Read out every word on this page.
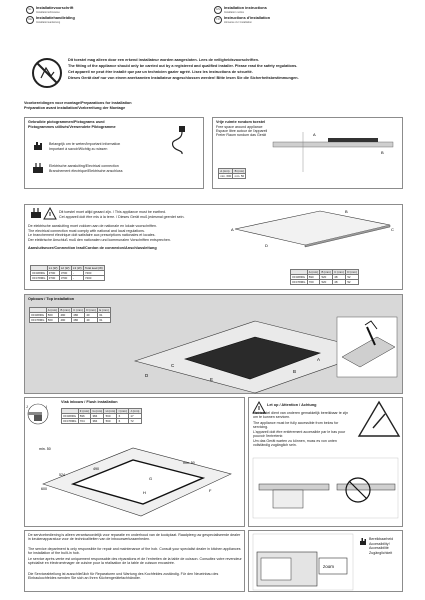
NL Installatievoorschrift
Installationshinweise
DE Installatiehandleiding
Installationsanleitung
EN Installation instructions
Installation notice
FR Instructions d'installation
Hinweise zur Installation
Dit toestel mag alleen door een erkend installateur worden aangesloten. Lees de veiligheidsvoorschriften.
The fitting of the appliance should only be carried out by a registered and qualified installer. Please read the safety regulations.
Cet appareil ne peut être installé que par un technicien gazier agréé. Lisez les instructions de sécurité.
Dieses Gerät darf nur von einem anerkannten Installateur angeschlossen werden! Bitte lesen Sie die Sicherheitsbestimmungen.
Voorbereidingen voor montage/Preparations for installation
Préparation avant installation/Vorbereitung der Montage
Gebruikte pictogrammen/Pictograms used
Pictogrammes utilisés/Verwendete Piktogramme
Belangrijk om te weten/Important information
Important à savoir/Wichtig zu wissen
Elektrische aansluiting/Electrical connection
Branchement électrique/Elektrische anschluss
Vrije ruimte rondom toestel
Free space around appliance
Espace libre autour de l'appareil
Freier Raum rundum das Gerät	A
B
A (mm)	B (mm)
min. 600	min. 50
Dit toestel moet altijd geaard zijn. / This appliance must be earthed.
Cet appareil doit être mis à la terre. / Dieses Gerät muß jedesmal geerdet sein.
De elektrische aansluiting moet voldoen aan de nationale en lokale voorschriften.
The electrical connection must comply with national and local regulations.
Le branchement électrique doit satisfaire aux prescriptions nationales et locales.
Der elektrische Anschluß muß den nationalen und kommunalen Vorschriften entsprechen.
Aansluitsnoer/Connection lead/Cordon de connexion/Anschlussleitung
	L1 (W)	L2 (W)	L3 (W)	Total lead (W)
KF468RG	3700	3700	-	7400
KF478MG	3700	3700	-	7400
A
B
C
D
	A (mm)	B (mm)	C (mm)	D (mm)
KF468RG	590	520	48	52
KF478MG	700	520	48	52
Opbouw / Top installation
	A (mm)	B (mm)	C (mm)	D (mm)	E (mm)
KF468RG	560	490	480	40	61
KF478MG	560	490	480	40	61
D
C
E
B
A
Vlak inbouw / Flush installation
	F (mm)	G (mm)	H (mm)	I (mm)	J (mm)
KF468RG	596	384	560	6	17
KF478MG	704	384	560	6	72
J	I
min. 50
min. 50
524
600
490
G
H	F
Let op / Attention / Achtung
Het toestel dient van onderen gemakkelijk bereikbaar te zijn om te kunnen servicen.
The appliance must be fully accessible from below for servicing.
L'appareil doit être entièrement accessible par le bas pour pouvoir l'entretenir.
Um das Gerät warten zu können, muss es von unten vollständig zugänglich sein.
De servicebediening is alleen verantwoordelijk voor reparatie en onderhoud van de kookplaat. Raadpleeg uw gespecialiseerde dealer in keukenapparatuur voor de technicaliteiten van de inbouwwerkzaamheden.
The service department is only responsible for repair and maintenance of the hob. Consult your specialist dealer in kitchen appliances for installation of the built-in hob.
Le service après-vente est uniquement responsable des réparations et de l'entretien de la table de cuisson. Consultez votre revendeur spécialisé en électroménager de cuisine pour la réalisation de la table de cuisson encastrée.
Die Serviceabteilung ist ausschließlich für Reparaturen und Wartung des Kochfeldes zuständig. Für den Neueinbau des Einbaukochfeldes wenden Sie sich an Ihren Küchengerätefachhändler.
zoom
Bereikbaarheid
Accessibility!
Accessibilité
Zugänglichkeit
